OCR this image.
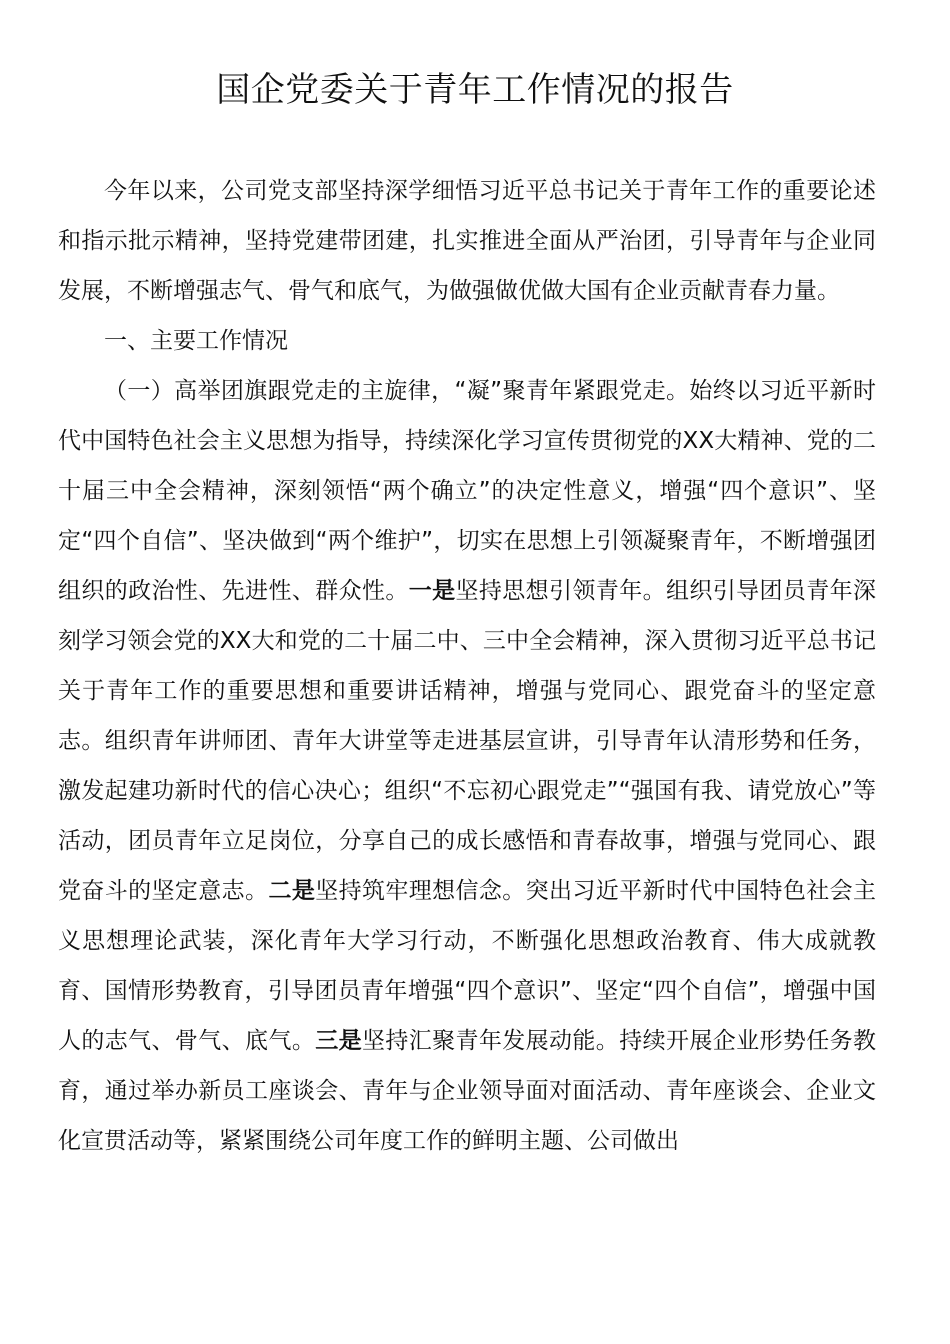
国企党委关于青年工作情况的报告

今年以来，公司党支部坚持深学细悟习近平总书记关于青年工作的重要论述和指示批示精神，坚持党建带团建，扎实推进全面从严治团，引导青年与企业同发展，不断增强志气、骨气和底气，为做强做优做大国有企业贡献青春力量。

一、主要工作情况

（一）高举团旗跟党走的主旋律，“凝”聚青年紧跟党走。始终以习近平新时代中国特色社会主义思想为指导，持续深化学习宣传贯彻党的XX大精神、党的二十届三中全会精神，深刻领悟“两个确立”的决定性意义，增强“四个意识”、坚定“四个自信”、坚决做到“两个维护”，切实在思想上引领凝聚青年，不断增强团组织的政治性、先进性、群众性。一是坚持思想引领青年。组织引导团员青年深刻学习领会党的XX大和党的二十届二中、三中全会精神，深入贯彻习近平总书记关于青年工作的重要思想和重要讲话精神，增强与党同心、跟党奋斗的坚定意志。组织青年讲师团、青年大讲堂等走进基层宣讲，引导青年认清形势和任务，激发起建功新时代的信心决心；组织“不忘初心跟党走”“强国有我、请党放心”等活动，团员青年立足岗位，分享自己的成长感悟和青春故事，增强与党同心、跟党奋斗的坚定意志。二是坚持筑牢理想信念。突出习近平新时代中国特色社会主义思想理论武装，深化青年大学习行动，不断强化思想政治教育、伟大成就教育、国情形势教育，引导团员青年增强“四个意识”、坚定“四个自信”，增强中国人的志气、骨气、底气。三是坚持汇聚青年发展动能。持续开展企业形势任务教育，通过举办新员工座谈会、青年与企业领导面对面活动、青年座谈会、企业文化宣贯活动等，紧紧围绕公司年度工作的鲜明主题、公司做出
